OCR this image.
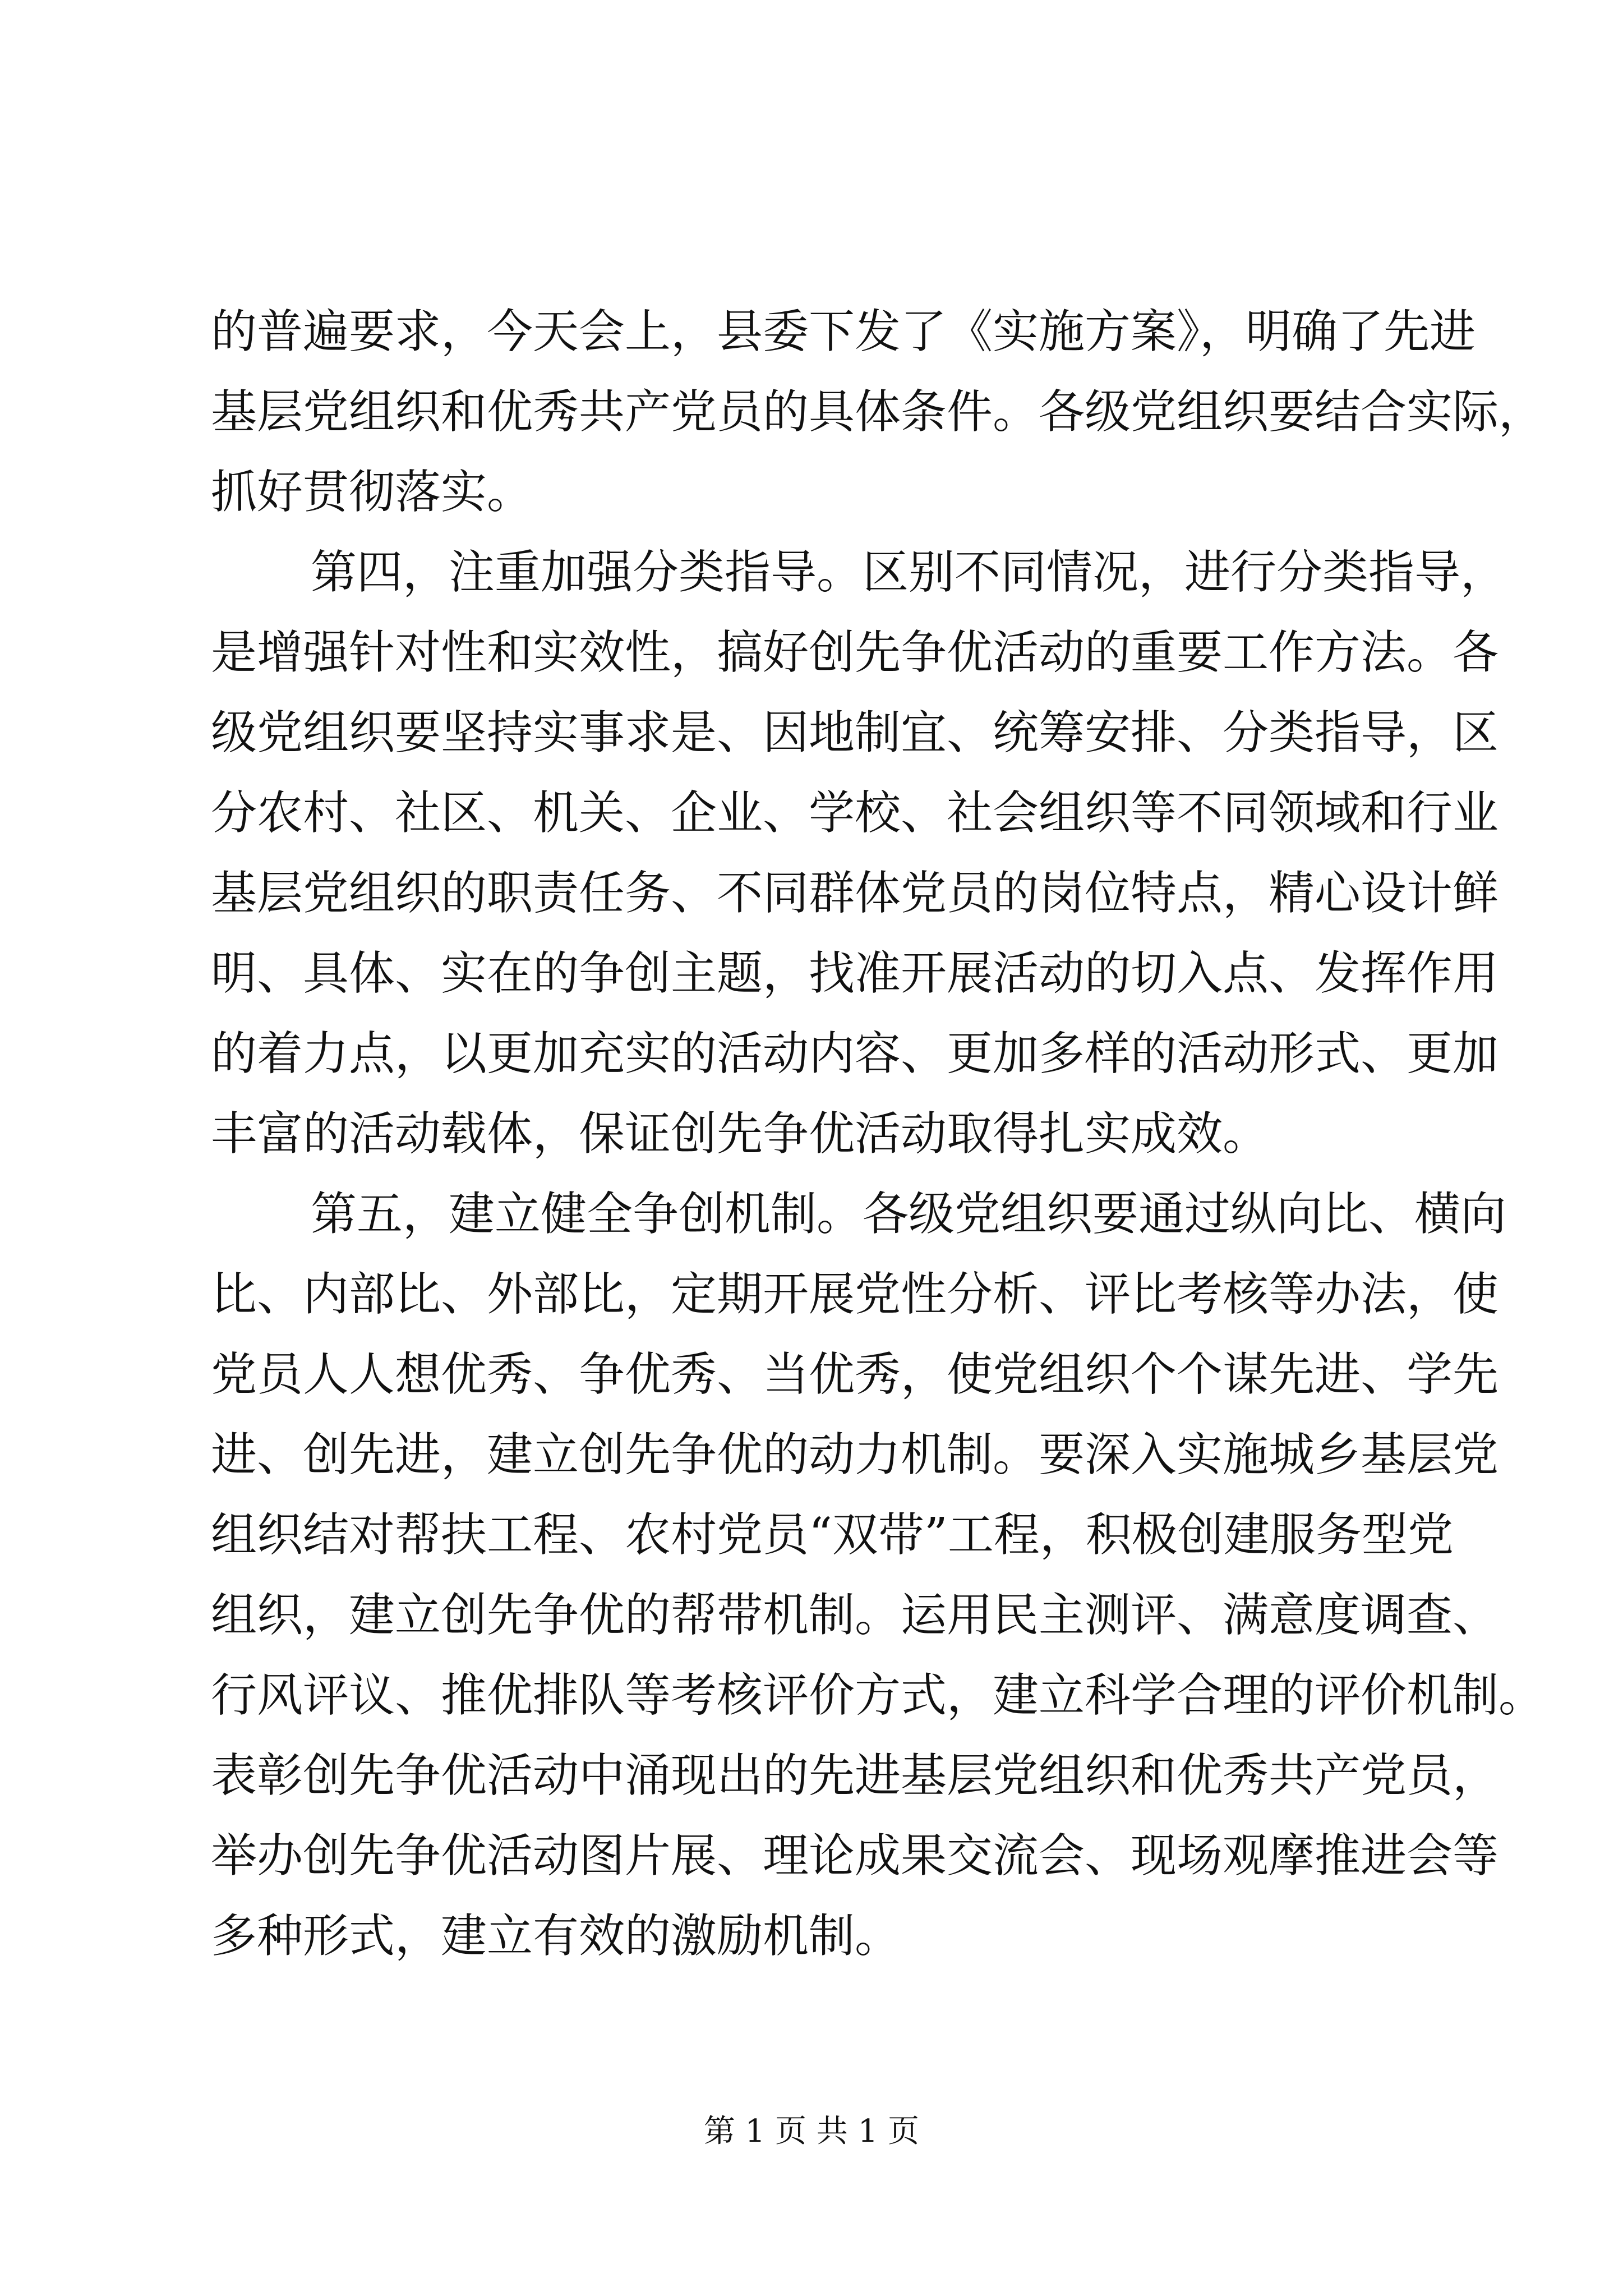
的普遍要求，今天会上，县委下发了《实施方案》，明确了先进
基层党组织和优秀共产党员的具体条件。各级党组织要结合实际，
抓好贯彻落实。
第四，注重加强分类指导。区别不同情况，进行分类指导，
是增强针对性和实效性，搞好创先争优活动的重要工作方法。各
级党组织要坚持实事求是、因地制宜、统筹安排、分类指导，区
分农村、社区、机关、企业、学校、社会组织等不同领域和行业
基层党组织的职责任务、不同群体党员的岗位特点，精心设计鲜
明、具体、实在的争创主题，找准开展活动的切入点、发挥作用
的着力点，以更加充实的活动内容、更加多样的活动形式、更加
丰富的活动载体，保证创先争优活动取得扎实成效。
第五，建立健全争创机制。各级党组织要通过纵向比、横向
比、内部比、外部比，定期开展党性分析、评比考核等办法，使
党员人人想优秀、争优秀、当优秀，使党组织个个谋先进、学先
进、创先进，建立创先争优的动力机制。要深入实施城乡基层党
组织结对帮扶工程、农村党员“双带”工程，积极创建服务型党
组织，建立创先争优的帮带机制。运用民主测评、满意度调查、
行风评议、推优排队等考核评价方式，建立科学合理的评价机制。
表彰创先争优活动中涌现出的先进基层党组织和优秀共产党员，
举办创先争优活动图片展、理论成果交流会、现场观摩推进会等
多种形式，建立有效的激励机制。
第 1 页 共 1 页
